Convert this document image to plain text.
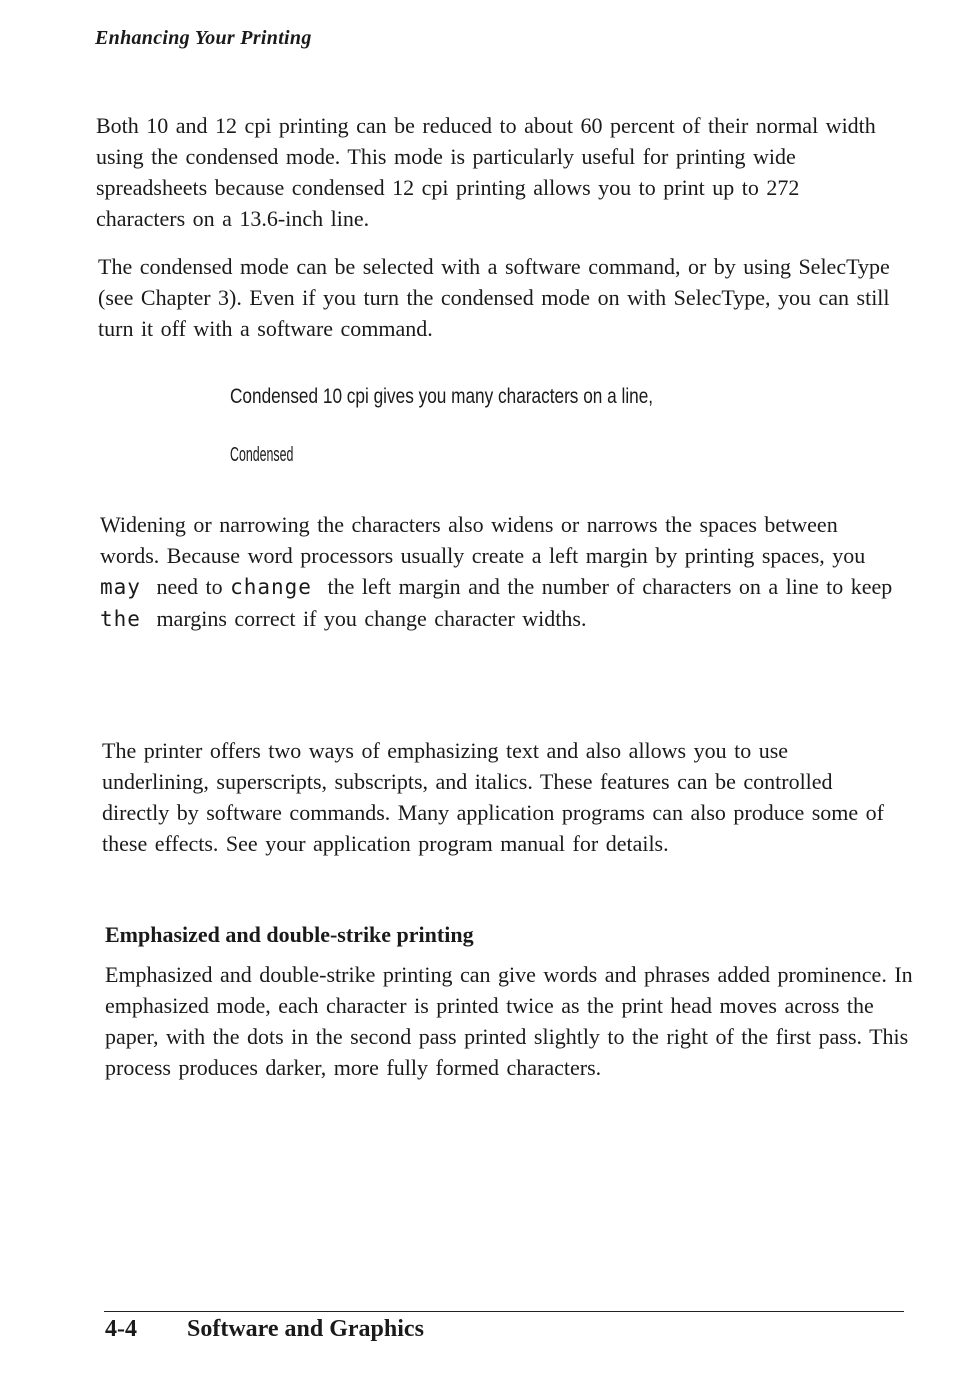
Enhancing Your Printing

Both 10 and 12 cpi printing can be reduced to about 60 percent of their normal width using the condensed mode. This mode is particularly useful for printing wide spreadsheets because condensed 12 cpi printing allows you to print up to 272 characters on a 13.6-inch line.

The condensed mode can be selected with a software command, or by using SelecType (see Chapter 3). Even if you turn the condensed mode on with SelecType, you can still turn it off with a software command.

Condensed 10 cpi gives you many characters on a line,

Condensed

Widening or narrowing the characters also widens or narrows the spaces between words. Because word processors usually create a left margin by printing spaces, you may need to change the left margin and the number of characters on a line to keep the margins correct if you change character widths.

The printer offers two ways of emphasizing text and also allows you to use underlining, superscripts, subscripts, and italics. These features can be controlled directly by software commands. Many application programs can also produce some of these effects. See your application program manual for details.

Emphasized and double-strike printing

Emphasized and double-strike printing can give words and phrases added prominence. In emphasized mode, each character is printed twice as the print head moves across the paper, with the dots in the second pass printed slightly to the right of the first pass. This process produces darker, more fully formed characters.

4-4 Software and Graphics
